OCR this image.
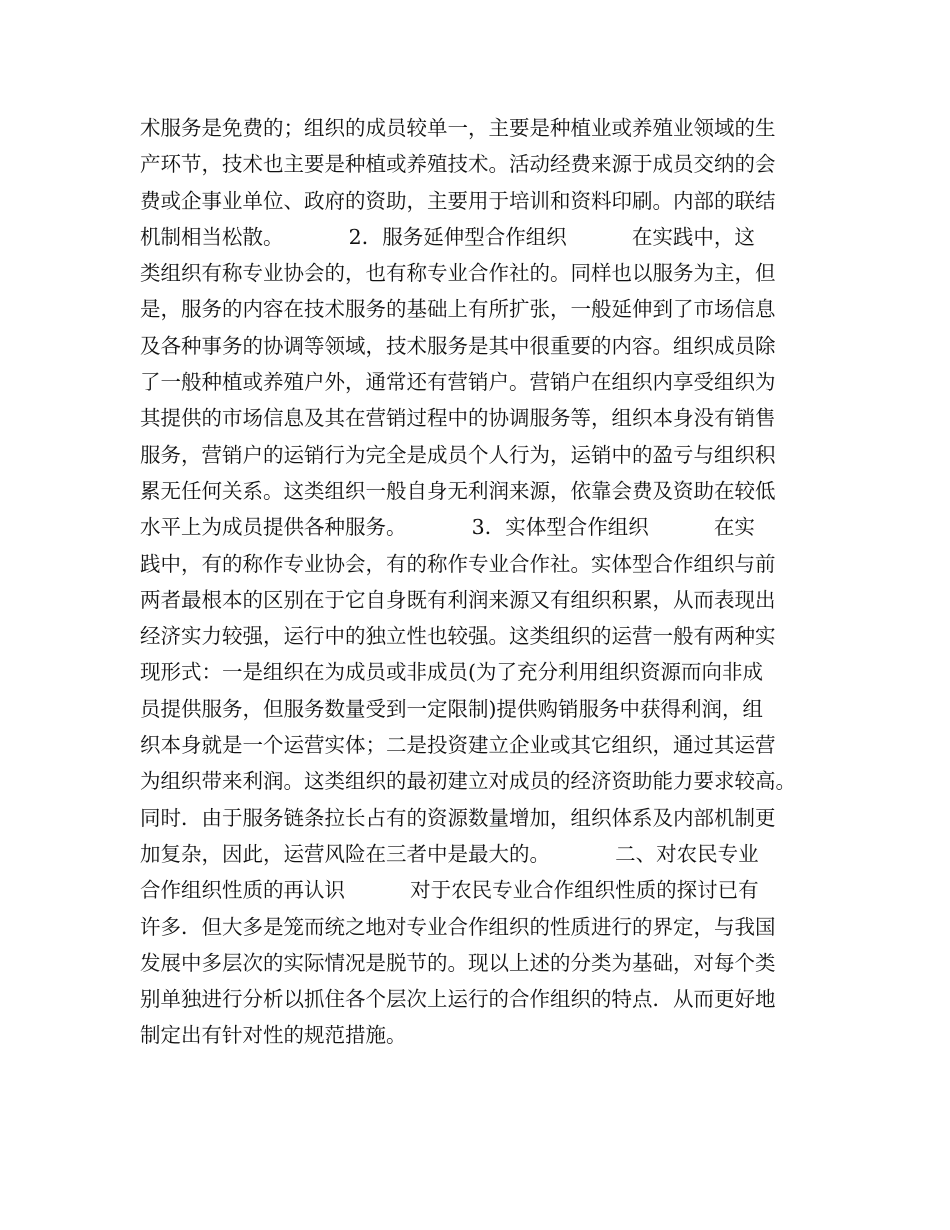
术服务是免费的；组织的成员较单一，主要是种植业或养殖业领域的生
产环节，技术也主要是种植或养殖技术。活动经费来源于成员交纳的会
费或企事业单位、政府的资助，主要用于培训和资料印刷。内部的联结
机制相当松散。          2．服务延伸型合作组织          在实践中，这
类组织有称专业协会的，也有称专业合作社的。同样也以服务为主，但
是，服务的内容在技术服务的基础上有所扩张，一般延伸到了市场信息
及各种事务的协调等领域，技术服务是其中很重要的内容。组织成员除
了一般种植或养殖户外，通常还有营销户。营销户在组织内享受组织为
其提供的市场信息及其在营销过程中的协调服务等，组织本身没有销售
服务，营销户的运销行为完全是成员个人行为，运销中的盈亏与组织积
累无任何关系。这类组织一般自身无利润来源，依靠会费及资助在较低
水平上为成员提供各种服务。          3．实体型合作组织          在实
践中，有的称作专业协会，有的称作专业合作社。实体型合作组织与前
两者最根本的区别在于它自身既有利润来源又有组织积累，从而表现出
经济实力较强，运行中的独立性也较强。这类组织的运营一般有两种实
现形式：一是组织在为成员或非成员(为了充分利用组织资源而向非成
员提供服务，但服务数量受到一定限制)提供购销服务中获得利润，组
织本身就是一个运营实体；二是投资建立企业或其它组织，通过其运营
为组织带来利润。这类组织的最初建立对成员的经济资助能力要求较高。
同时．由于服务链条拉长占有的资源数量增加，组织体系及内部机制更
加复杂，因此，运营风险在三者中是最大的。          二、对农民专业
合作组织性质的再认识          对于农民专业合作组织性质的探讨已有
许多．但大多是笼而统之地对专业合作组织的性质进行的界定，与我国
发展中多层次的实际情况是脱节的。现以上述的分类为基础，对每个类
别单独进行分析以抓住各个层次上运行的合作组织的特点．从而更好地
制定出有针对性的规范措施。
